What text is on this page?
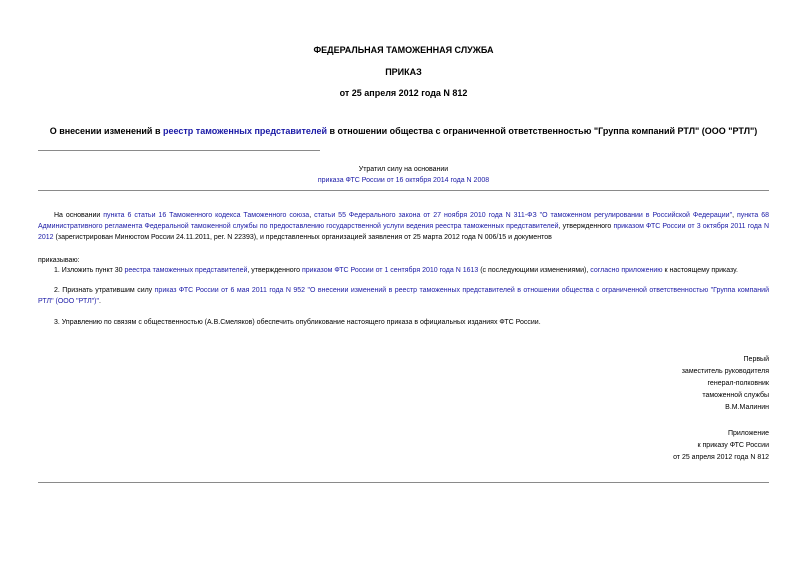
ФЕДЕРАЛЬНАЯ ТАМОЖЕННАЯ СЛУЖБА
ПРИКАЗ
от 25 апреля 2012 года N 812
О внесении изменений в реестр таможенных представителей в отношении общества с ограниченной ответственностью "Группа компаний РТЛ" (ООО "РТЛ")
Утратил силу на основании
приказа ФТС России от 16 октября 2014 года N 2008
На основании пункта 6 статьи 16 Таможенного кодекса Таможенного союза, статьи 55 Федерального закона от 27 ноября 2010 года N 311-ФЗ "О таможенном регулировании в Российской Федерации", пункта 68 Административного регламента Федеральной таможенной службы по предоставлению государственной услуги ведения реестра таможенных представителей, утвержденного приказом ФТС России от 3 октября 2011 года N 2012 (зарегистрирован Минюстом России 24.11.2011, рег. N 22393), и представленных организацией заявления от 25 марта 2012 года N 006/15 и документов
приказываю:
1. Изложить пункт 30 реестра таможенных представителей, утвержденного приказом ФТС России от 1 сентября 2010 года N 1613 (с последующими изменениями), согласно приложению к настоящему приказу.
2. Признать утратившим силу приказ ФТС России от 6 мая 2011 года N 952 "О внесении изменений в реестр таможенных представителей в отношении общества с ограниченной ответственностью "Группа компаний РТЛ" (ООО "РТЛ")".
3. Управлению по связям с общественностью (А.В.Смеляков) обеспечить опубликование настоящего приказа в официальных изданиях ФТС России.
Первый
заместитель руководителя
генерал-полковник
таможенной службы
В.М.Малинин
Приложение
к приказу ФТС России
от 25 апреля 2012 года N 812
